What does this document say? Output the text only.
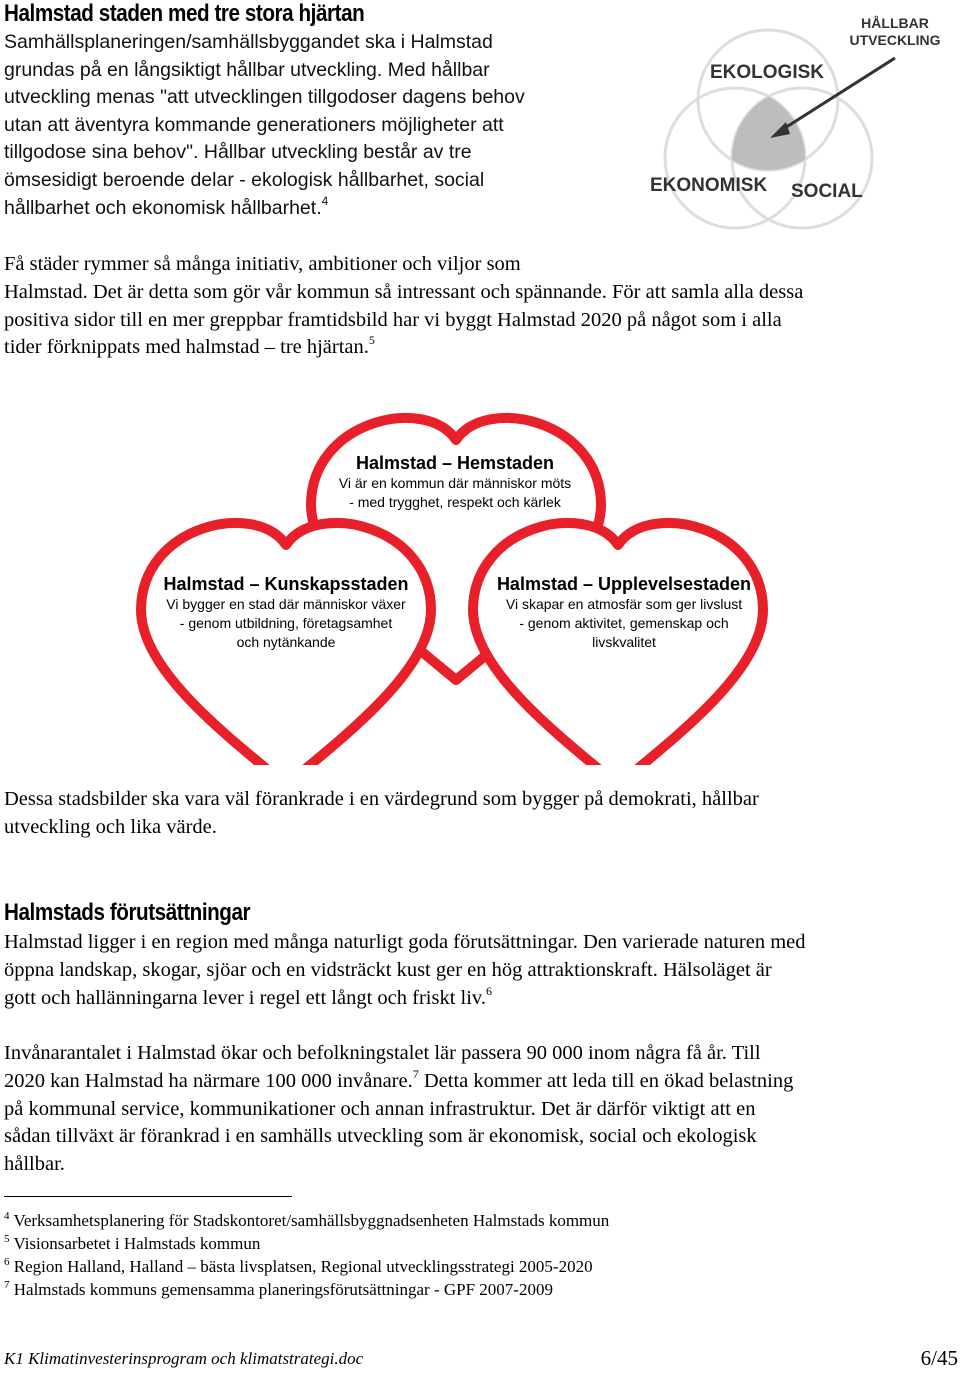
Halmstad staden med tre stora hjärtan
Samhällsplaneringen/samhällsbyggandet ska i Halmstad
grundas på en långsiktigt hållbar utveckling. Med hållbar
utveckling menas "att utvecklingen tillgodoser dagens behov
utan att äventyra kommande generationers möjligheter att
tillgodose sina behov". Hållbar utveckling består av tre
ömsesidigt beroende delar - ekologisk hållbarhet, social
hållbarhet och ekonomisk hållbarhet.$^4$
HÅLLBAR
UTVECKLING
EKOLOGISK
EKONOMISK SOCIAL
Få städer rymmer så många initiativ, ambitioner och viljor som
Halmstad. Det är detta som gör vår kommun så intressant och spännande. För att samla alla dessa
positiva sidor till en mer greppbar framtidsbild har vi byggt Halmstad 2020 på något som i alla
tider förknippats med halmstad – tre hjärtan.$^5$
Halmstad – Hemstaden
Vi är en kommun där människor möts
- med trygghet, respekt och kärlek
Halmstad – Kunskapsstaden
Vi bygger en stad där människor växer
- genom utbildning, företagsamhet
och nytänkande
Halmstad – Upplevelsestaden
Vi skapar en atmosfär som ger livslust
- genom aktivitet, gemenskap och
livskvalitet
Dessa stadsbilder ska vara väl förankrade i en värdegrund som bygger på demokrati, hållbar
utveckling och lika värde.
Halmstads förutsättningar
Halmstad ligger i en region med många naturligt goda förutsättningar. Den varierade naturen med
öppna landskap, skogar, sjöar och en vidsträckt kust ger en hög attraktionskraft. Hälsoläget är
gott och hallänningarna lever i regel ett långt och friskt liv.$^6$
Invånarantalet i Halmstad ökar och befolkningstalet lär passera 90 000 inom några få år. Till
2020 kan Halmstad ha närmare 100 000 invånare.$^7$ Detta kommer att leda till en ökad belastning
på kommunal service, kommunikationer och annan infrastruktur. Det är därför viktigt att en
sådan tillväxt är förankrad i en samhälls utveckling som är ekonomisk, social och ekologisk
hållbar.
$^4$ Verksamhetsplanering för Stadskontoret/samhällsbyggnadsenheten Halmstads kommun
$^5$ Visionsarbetet i Halmstads kommun
$^6$ Region Halland, Halland – bästa livsplatsen, Regional utvecklingsstrategi 2005-2020
$^7$ Halmstads kommuns gemensamma planeringsförutsättningar - GPF 2007-2009
K1 Klimatinvesterinsprogram och klimatstrategi.doc	6/45
